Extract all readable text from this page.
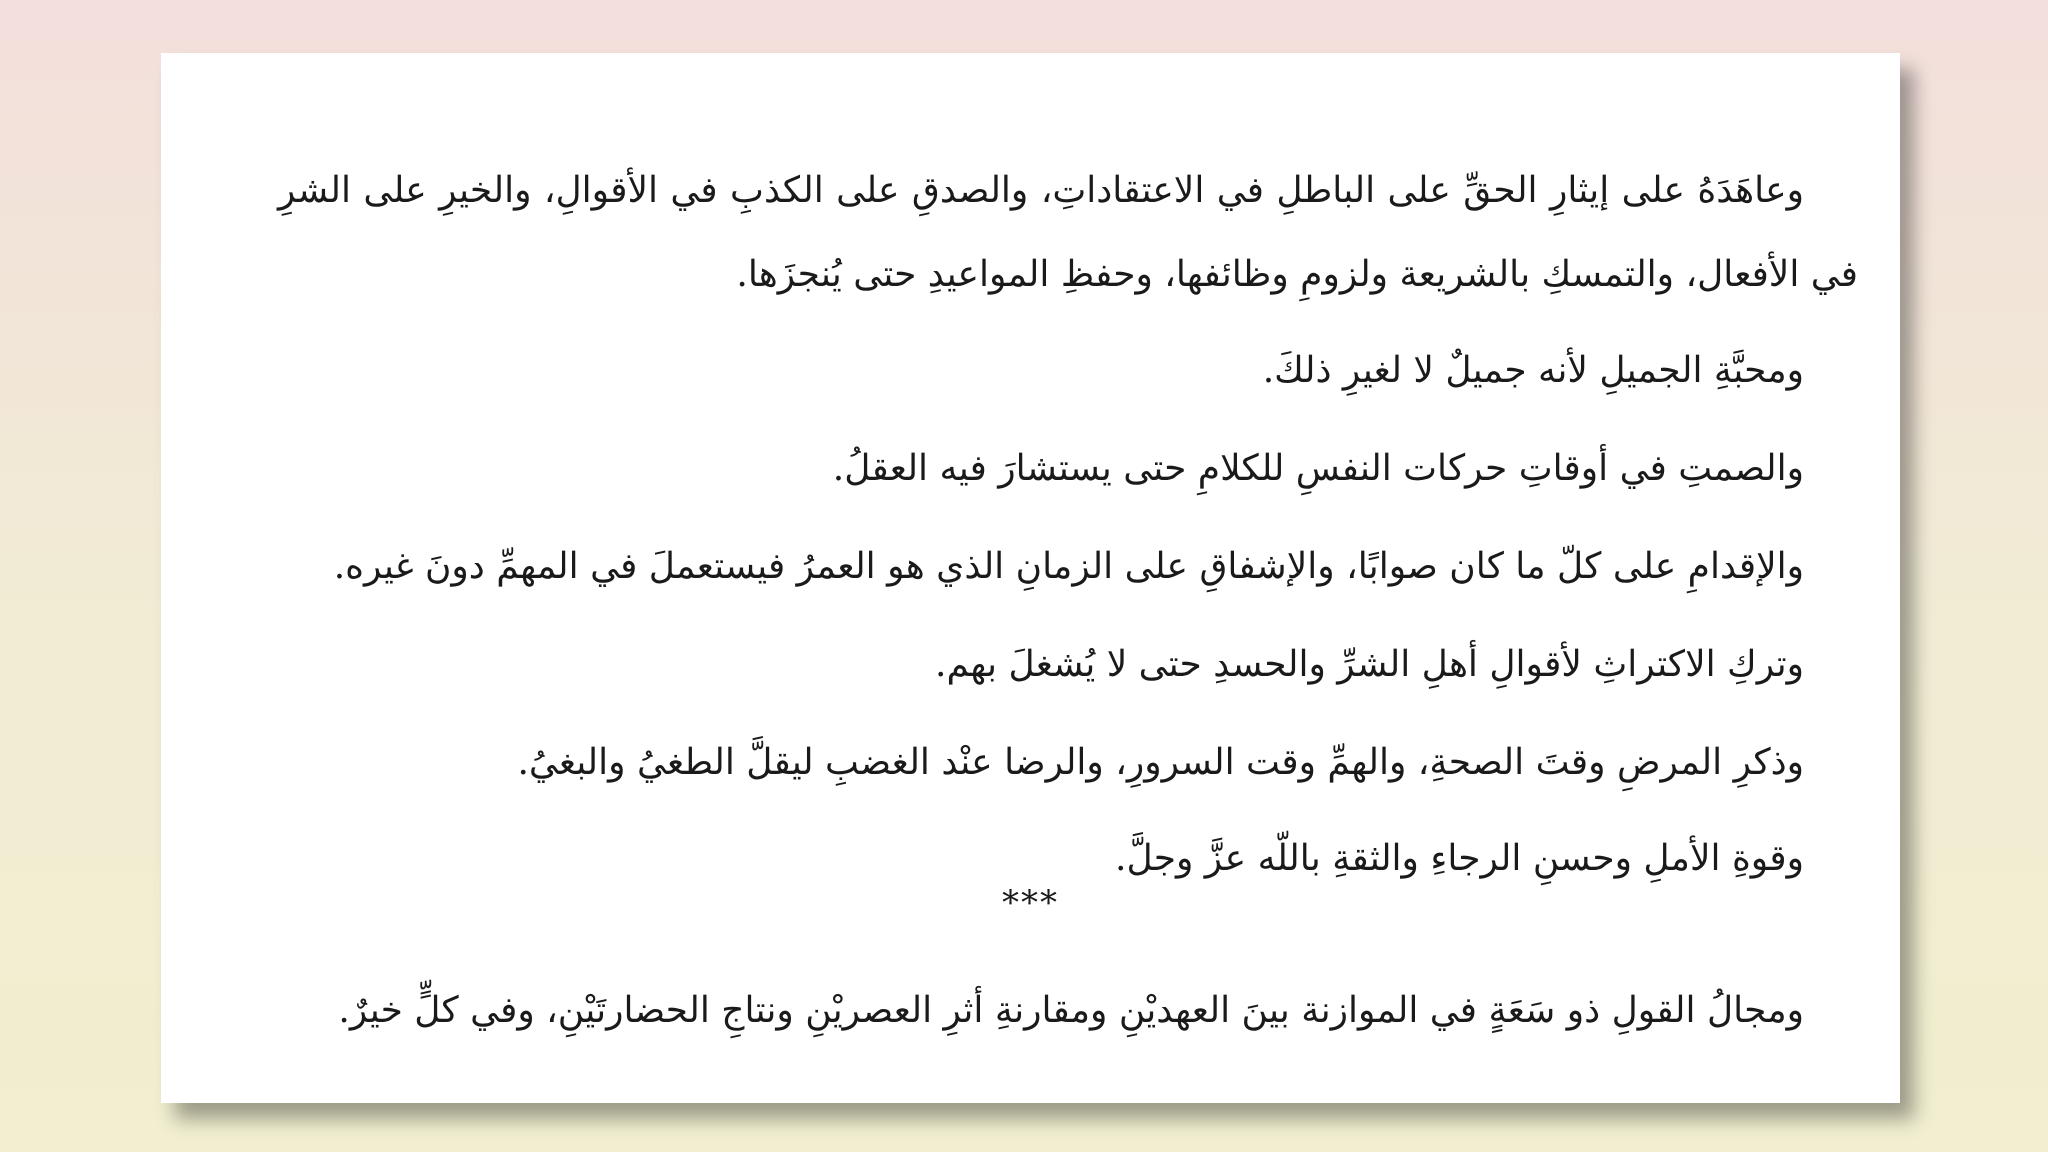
وعاهَدَهُ على إيثارِ الحقِّ على الباطلِ في الاعتقاداتِ، والصدقِ على الكذبِ في الأقوالِ، والخيرِ على الشرِ في الأفعال، والتمسكِ بالشريعة ولزومِ وظائفها، وحفظِ المواعيدِ حتى يُنجزَها.

ومحبَّةِ الجميلِ لأنه جميلٌ لا لغيرِ ذلكَ.

والصمتِ في أوقاتِ حركات النفسِ للكلامِ حتى يستشارَ فيه العقلُ.

والإقدامِ على كلّ ما كان صوابًا، والإشفاقِ على الزمانِ الذي هو العمرُ فيستعملَ في المهمِّ دونَ غيره.

وتركِ الاكتراثِ لأقوالِ أهلِ الشرِّ والحسدِ حتى لا يُشغلَ بهم.

وذكرِ المرضِ وقتَ الصحةِ، والهمِّ وقت السرورِ، والرضا عنْد الغضبِ ليقلَّ الطغيُ والبغيُ.

وقوةِ الأملِ وحسنِ الرجاءِ والثقةِ باللّه عزَّ وجلَّ.

***

ومجالُ القولِ ذو سَعَةٍ في الموازنة بينَ العهديْنِ ومقارنةِ أثرِ العصريْنِ ونتاجِ الحضارتَيْنِ، وفي كلٍّ خيرٌ.
